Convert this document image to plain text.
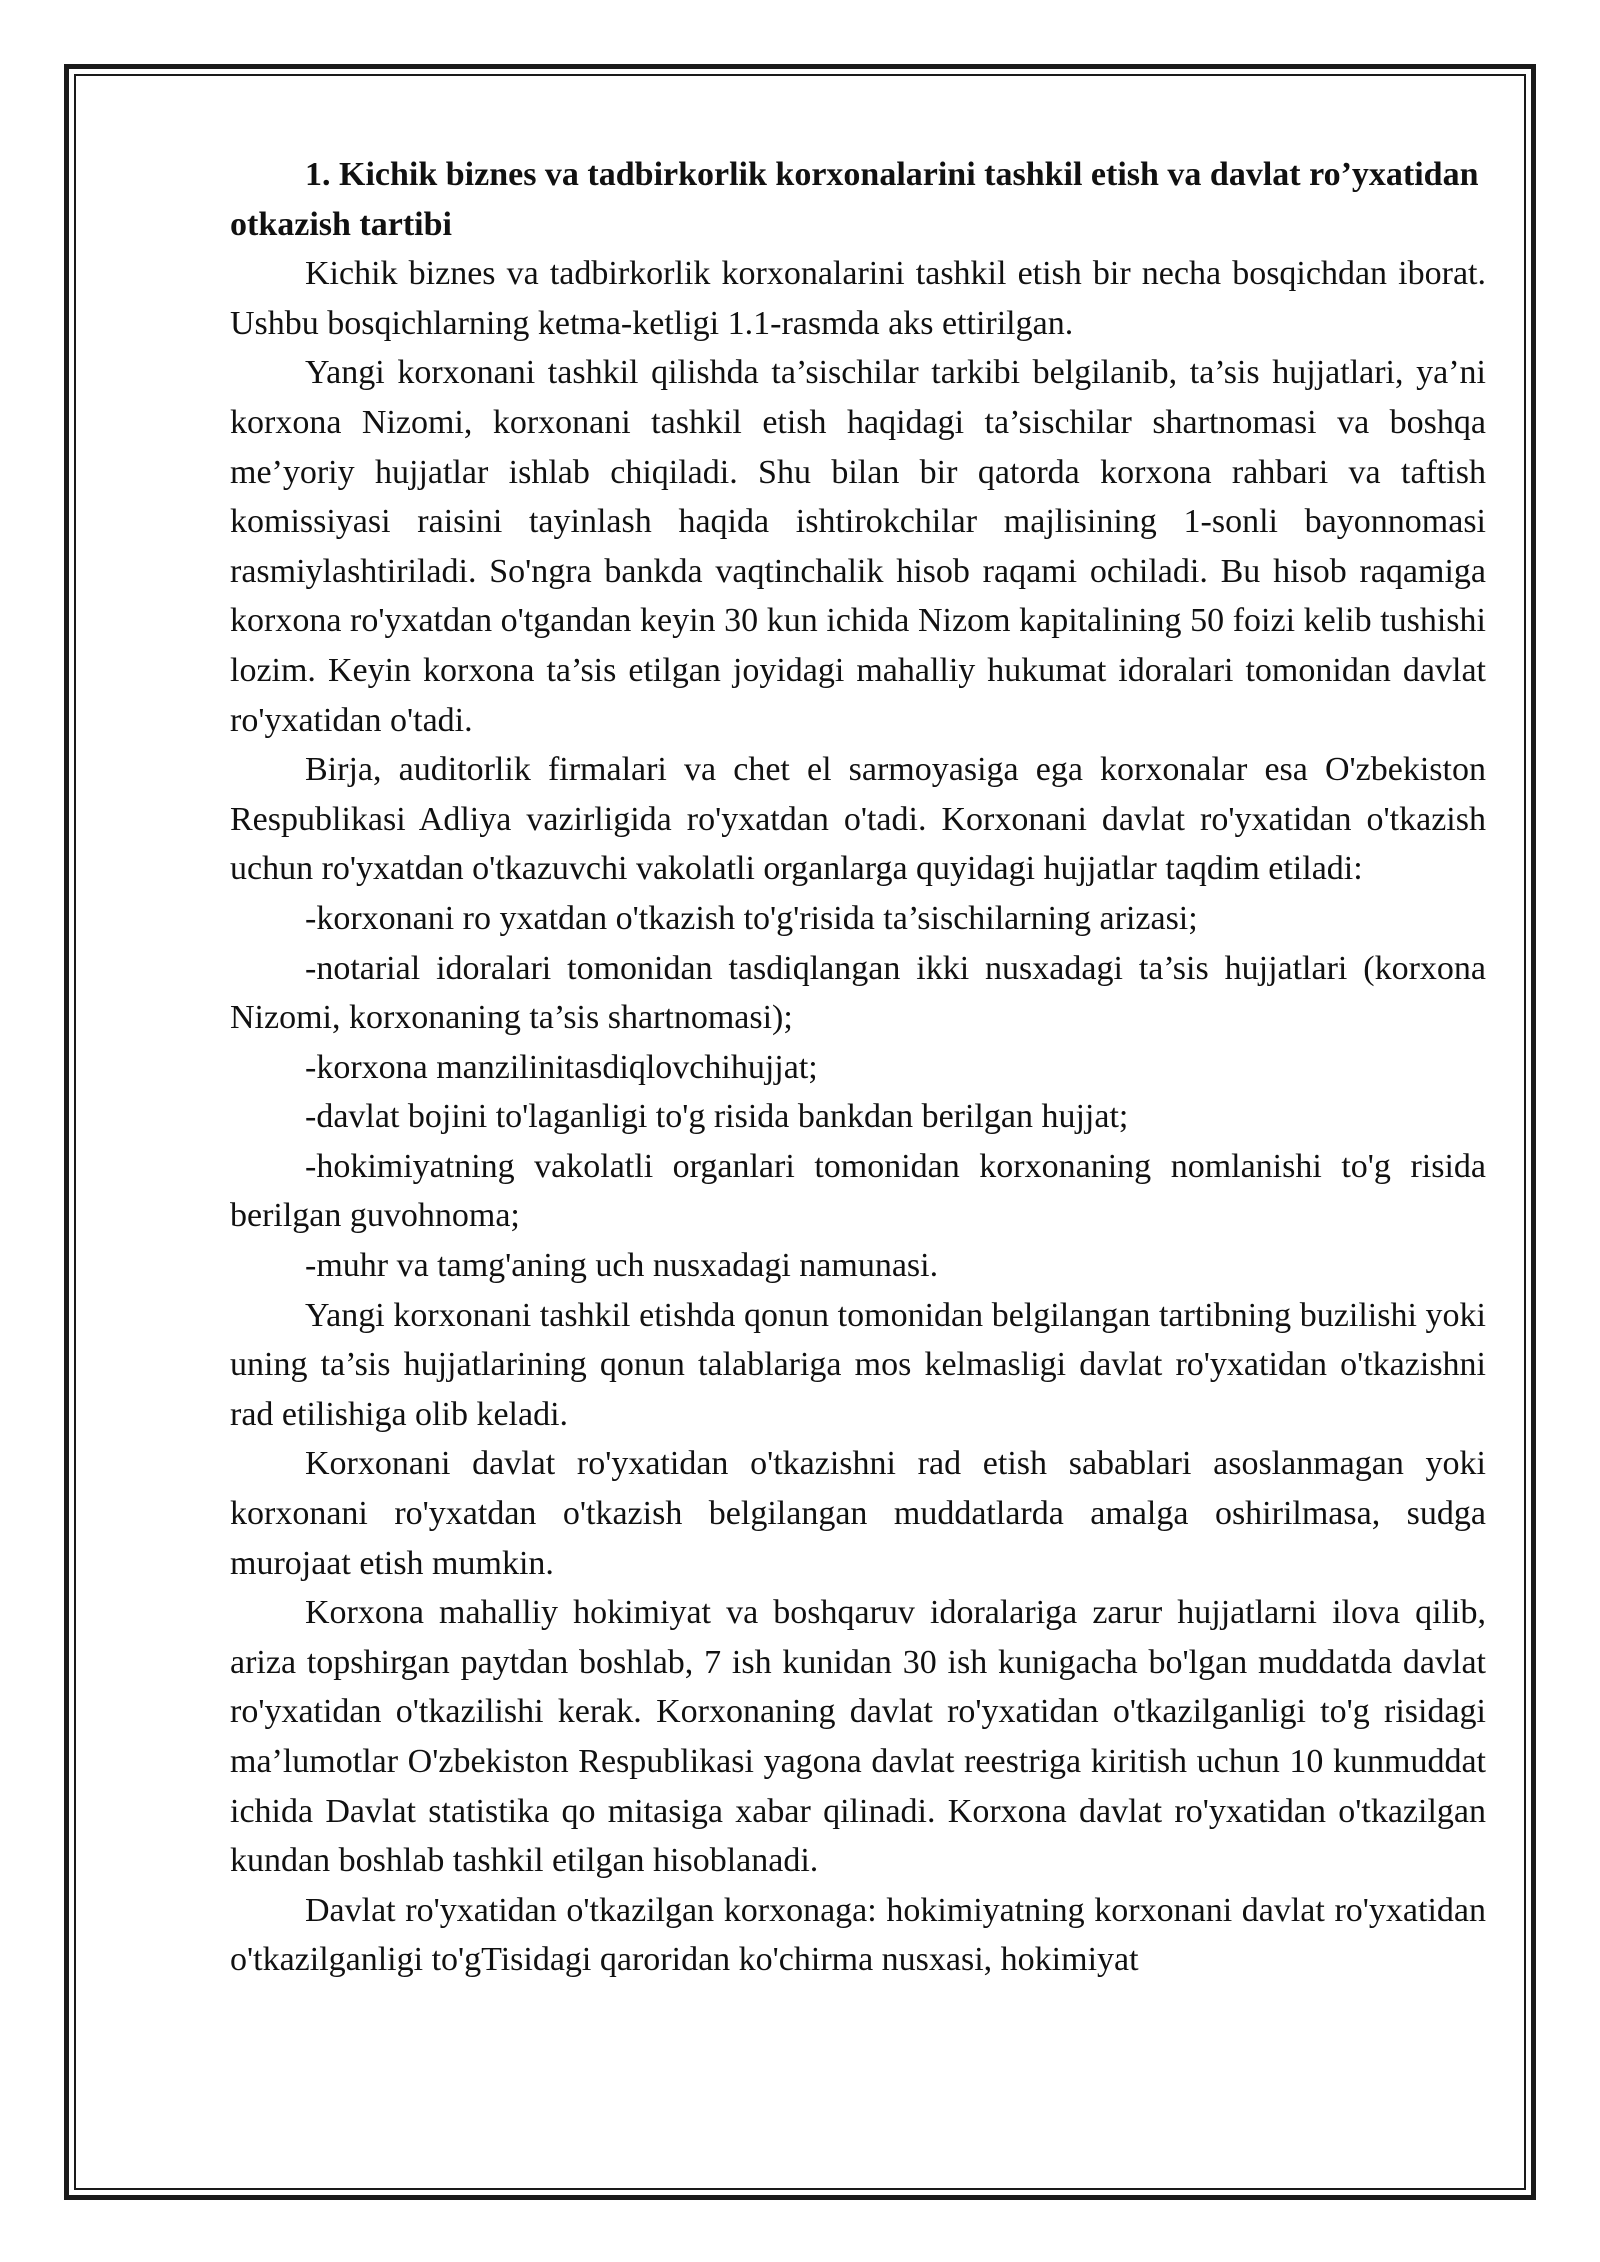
1. Kichik biznes va tadbirkorlik korxonalarini tashkil etish va davlat ro’yxatidan otkazish tartibi

Kichik biznes va tadbirkorlik korxonalarini tashkil etish bir necha bosqichdan iborat. Ushbu bosqichlarning ketma-ketligi 1.1-rasmda aks ettirilgan.

Yangi korxonani tashkil qilishda ta’sischilar tarkibi belgilanib, ta’sis hujjatlari, ya’ni korxona Nizomi, korxonani tashkil etish haqidagi ta’sischilar shartnomasi va boshqa me’yoriy hujjatlar ishlab chiqiladi. Shu bilan bir qatorda korxona rahbari va taftish komissiyasi raisini tayinlash haqida ishtirokchilar majlisining 1-sonli bayonnomasi rasmiylashtiriladi. So'ngra bankda vaqtinchalik hisob raqami ochiladi. Bu hisob raqamiga korxona ro'yxatdan o'tgandan keyin 30 kun ichida Nizom kapitalining 50 foizi kelib tushishi lozim. Keyin korxona ta’sis etilgan joyidagi mahalliy hukumat idoralari tomonidan davlat ro'yxatidan o'tadi.

Birja, auditorlik firmalari va chet el sarmoyasiga ega korxonalar esa O'zbekiston Respublikasi Adliya vazirligida ro'yxatdan o'tadi. Korxonani davlat ro'yxatidan o'tkazish uchun ro'yxatdan o'tkazuvchi vakolatli organlarga quyidagi hujjatlar taqdim etiladi:

-korxonani ro yxatdan o'tkazish to'g'risida ta’sischilarning arizasi;

-notarial idoralari tomonidan tasdiqlangan ikki nusxadagi ta’sis hujjatlari (korxona Nizomi, korxonaning ta’sis shartnomasi);

-korxona manzilinitasdiqlovchihujjat;

-davlat bojini to'laganligi to'g risida bankdan berilgan hujjat;

-hokimiyatning vakolatli organlari tomonidan korxonaning nomlanishi to'g risida berilgan guvohnoma;

-muhr va tamg'aning uch nusxadagi namunasi.

Yangi korxonani tashkil etishda qonun tomonidan belgilangan tartibning buzilishi yoki uning ta’sis hujjatlarining qonun talablariga mos kelmasligi davlat ro'yxatidan o'tkazishni rad etilishiga olib keladi.

Korxonani davlat ro'yxatidan o'tkazishni rad etish sabablari asoslanmagan yoki korxonani ro'yxatdan o'tkazish belgilangan muddatlarda amalga oshirilmasa, sudga murojaat etish mumkin.

Korxona mahalliy hokimiyat va boshqaruv idoralariga zarur hujjatlarni ilova qilib, ariza topshirgan paytdan boshlab, 7 ish kunidan 30 ish kunigacha bo'lgan muddatda davlat ro'yxatidan o'tkazilishi kerak. Korxonaning davlat ro'yxatidan o'tkazilganligi to'g risidagi ma’lumotlar O'zbekiston Respublikasi yagona davlat reestriga kiritish uchun 10 kunmuddat ichida Davlat statistika qo mitasiga xabar qilinadi. Korxona davlat ro'yxatidan o'tkazilgan kundan boshlab tashkil etilgan hisoblanadi.

Davlat ro'yxatidan o'tkazilgan korxonaga: hokimiyatning korxonani davlat ro'yxatidan o'tkazilganligi to'gTisidagi qaroridan ko'chirma nusxasi, hokimiyat
